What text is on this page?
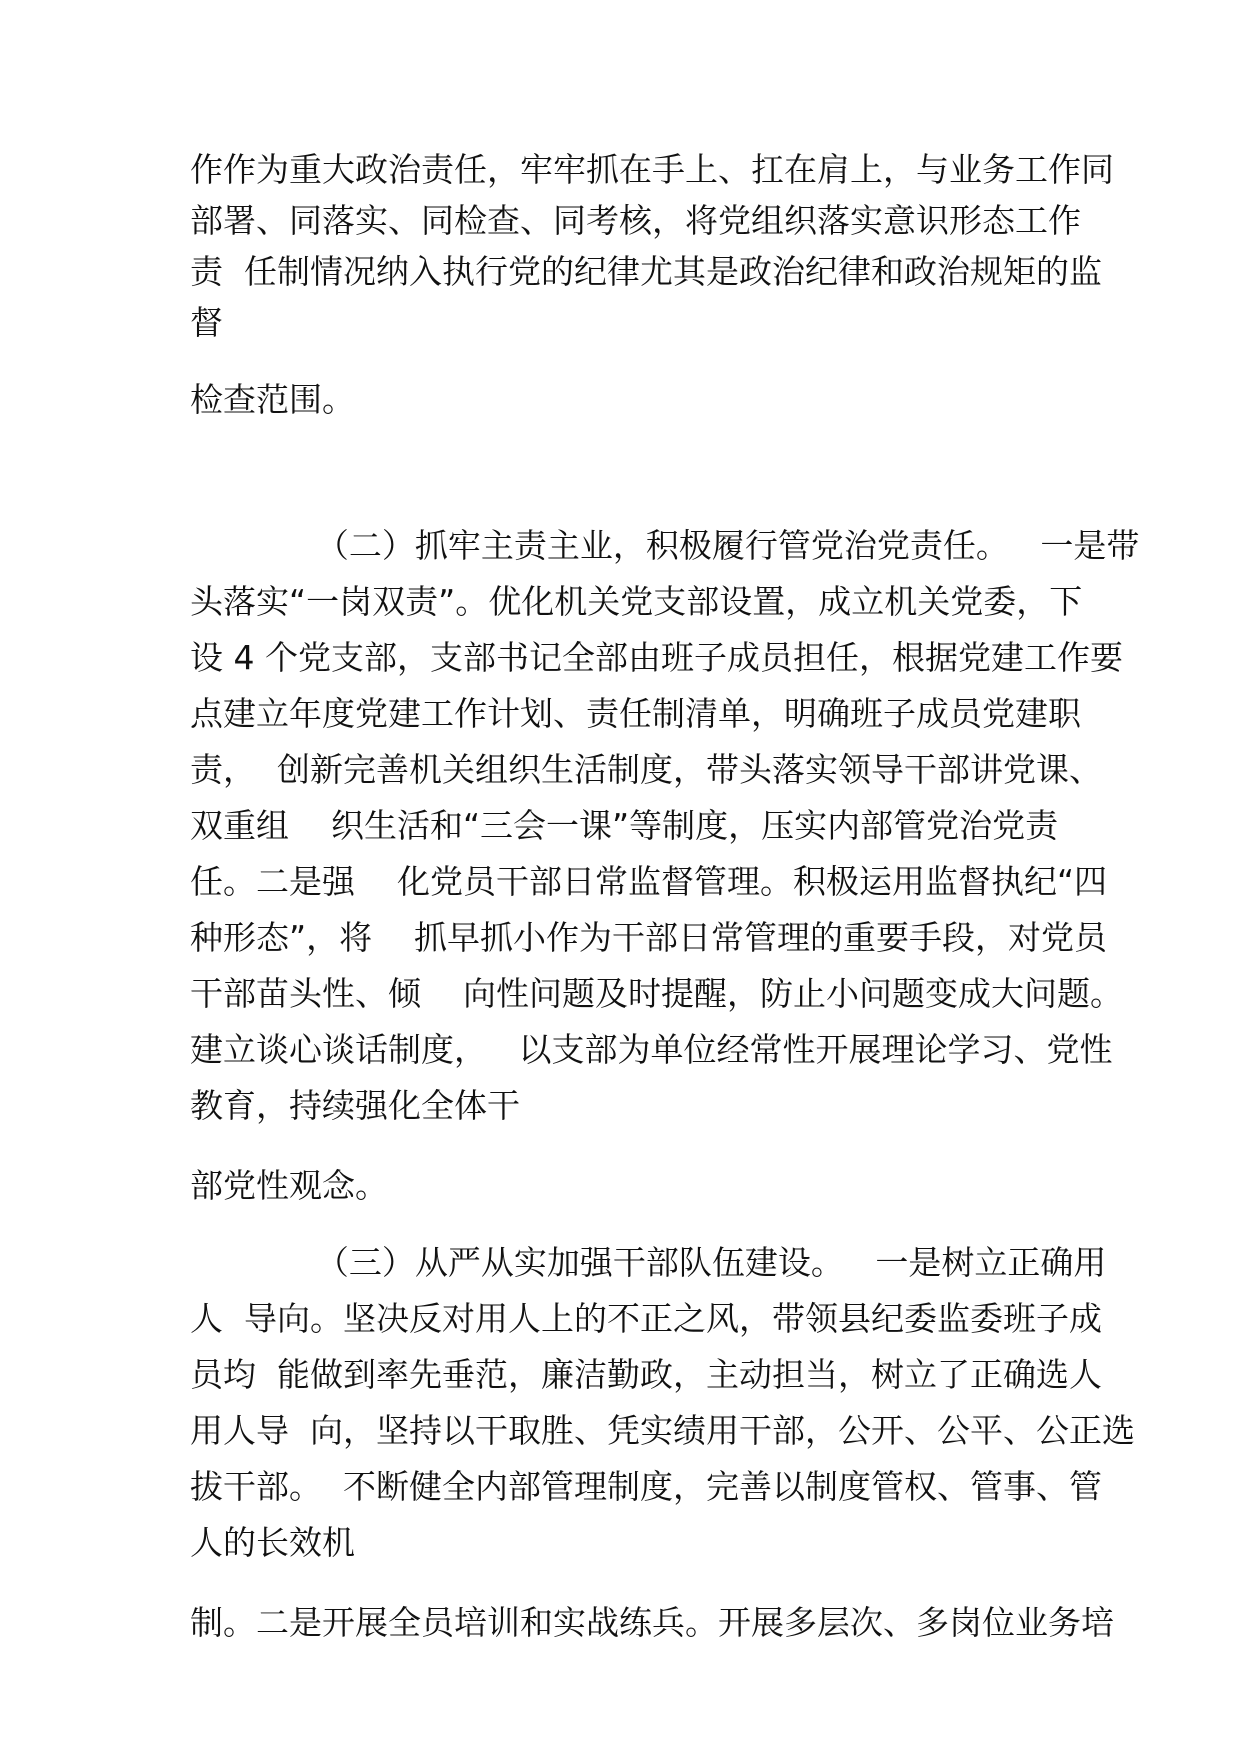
作作为重大政治责任，牢牢抓在手上、扛在肩上，与业务工作同
部署、同落实、同检查、同考核，将党组织落实意识形态工作
责  任制情况纳入执行党的纪律尤其是政治纪律和政治规矩的监
督
检查范围。
（二）抓牢主责主业，积极履行管党治党责任。   一是带
头落实“一岗双责”。优化机关党支部设置，成立机关党委，下
设 4 个党支部，支部书记全部由班子成员担任，根据党建工作要
点建立年度党建工作计划、责任制清单，明确班子成员党建职
责，  创新完善机关组织生活制度，带头落实领导干部讲党课、
双重组    织生活和“三会一课”等制度，压实内部管党治党责
任。二是强    化党员干部日常监督管理。积极运用监督执纪“四
种形态”，将    抓早抓小作为干部日常管理的重要手段，对党员
干部苗头性、倾    向性问题及时提醒，防止小问题变成大问题。
建立谈心谈话制度，   以支部为单位经常性开展理论学习、党性
教育，持续强化全体干
部党性观念。
（三）从严从实加强干部队伍建设。   一是树立正确用
人  导向。坚决反对用人上的不正之风，带领县纪委监委班子成
员均  能做到率先垂范，廉洁勤政，主动担当，树立了正确选人
用人导  向，坚持以干取胜、凭实绩用干部，公开、公平、公正选
拔干部。  不断健全内部管理制度，完善以制度管权、管事、管
人的长效机
制。二是开展全员培训和实战练兵。开展多层次、多岗位业务培
